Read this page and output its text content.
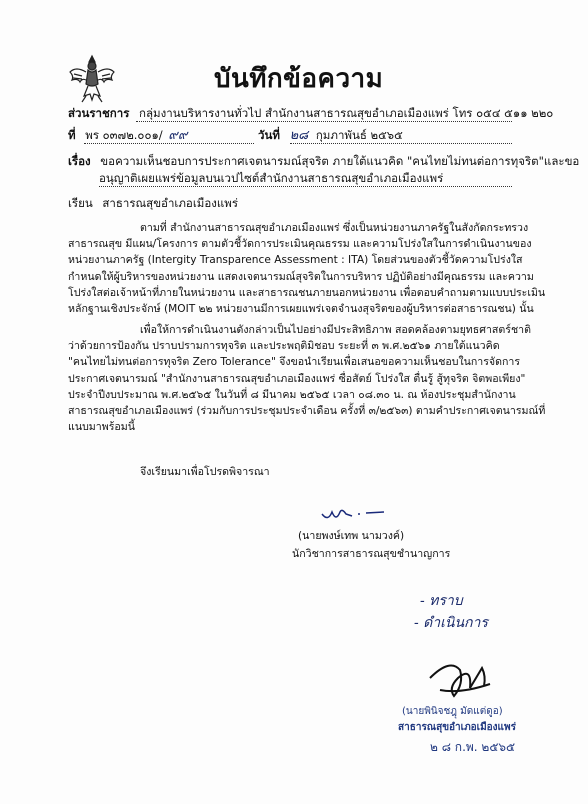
บันทึกข้อความ
ส่วนราชการ กลุ่มงานบริหารงานทั่วไป สำนักงานสาธารณสุขอำเภอเมืองแพร่ โทร ๐๕๔ ๕๑๑ ๒๒๐
ที่ พร ๐๓๗๒.๐๐๑/ ๙๙	วันที่ ๒๘ กุมภาพันธ์ ๒๕๖๕
เรื่อง ขอความเห็นชอบการประกาศเจตนารมณ์สุจริต ภายใต้แนวคิด "คนไทยไม่ทนต่อการทุจริต"และขอ
อนุญาติเผยแพร่ข้อมูลบนเวปไซต์สำนักงานสาธารณสุขอำเภอเมืองแพร่
เรียน สาธารณสุขอำเภอเมืองแพร่
ตามที่ สำนักงานสาธารณสุขอำเภอเมืองแพร่ ซึ่งเป็นหน่วยงานภาครัฐในสังกัดกระทรวง
สาธารณสุข มีแผน/โครงการ ตามตัวชี้วัดการประเมินคุณธรรม และความโปร่งใสในการดำเนินงานของ
หน่วยงานภาครัฐ (Intergity Transparence Assessment : ITA) โดยส่วนของตัวชี้วัดความโปร่งใส
กำหนดให้ผู้บริหารของหน่วยงาน แสดงเจตนารมณ์สุจริตในการบริหาร ปฏิบัติอย่างมีคุณธรรม และความ
โปร่งใสต่อเจ้าหน้าที่ภายในหน่วยงาน และสาธารณชนภายนอกหน่วยงาน เพื่อตอบคำถามตามแบบประเมิน
หลักฐานเชิงประจักษ์ (MOIT ๒๒ หน่วยงานมีการเผยแพร่เจตจำนงสุจริตของผู้บริหารต่อสาธารณชน) นั้น
เพื่อให้การดำเนินงานดังกล่าวเป็นไปอย่างมีประสิทธิภาพ สอดคล้องตามยุทธศาสตร์ชาติ
ว่าด้วยการป้องกัน ปราบปรามการทุจริต และประพฤติมิชอบ ระยะที่ ๓ พ.ศ.๒๕๖๑ ภายใต้แนวคิด
"คนไทยไม่ทนต่อการทุจริต Zero Tolerance" จึงขอนำเรียนเพื่อเสนอขอความเห็นชอบในการจัดการ
ประกาศเจตนารมณ์ "สำนักงานสาธารณสุขอำเภอเมืองแพร่ ซื่อสัตย์ โปร่งใส ตื่นรู้ สู้ทุจริต จิตพอเพียง"
ประจำปีงบประมาณ พ.ศ.๒๕๖๕ ในวันที่ ๘ มีนาคม ๒๕๖๕ เวลา ๐๘.๓๐ น. ณ ห้องประชุมสำนักงาน
สาธารณสุขอำเภอเมืองแพร่ (ร่วมกับการประชุมประจำเดือน ครั้งที่ ๓/๒๕๖๓) ตามคำประกาศเจตนารมณ์ที่
แนบมาพร้อมนี้
จึงเรียนมาเพื่อโปรดพิจารณา
(นายพงษ์เทพ นามวงค์)
นักวิชาการสาธารณสุขชำนาญการ
- ทราบ
- ดำเนินการ
(นายพินิจชฎุ มัดแต่ดูอ)
สาธารณสุขอำเภอเมืองแพร่
๒ ๘ ก.พ. ๒๕๖๕
